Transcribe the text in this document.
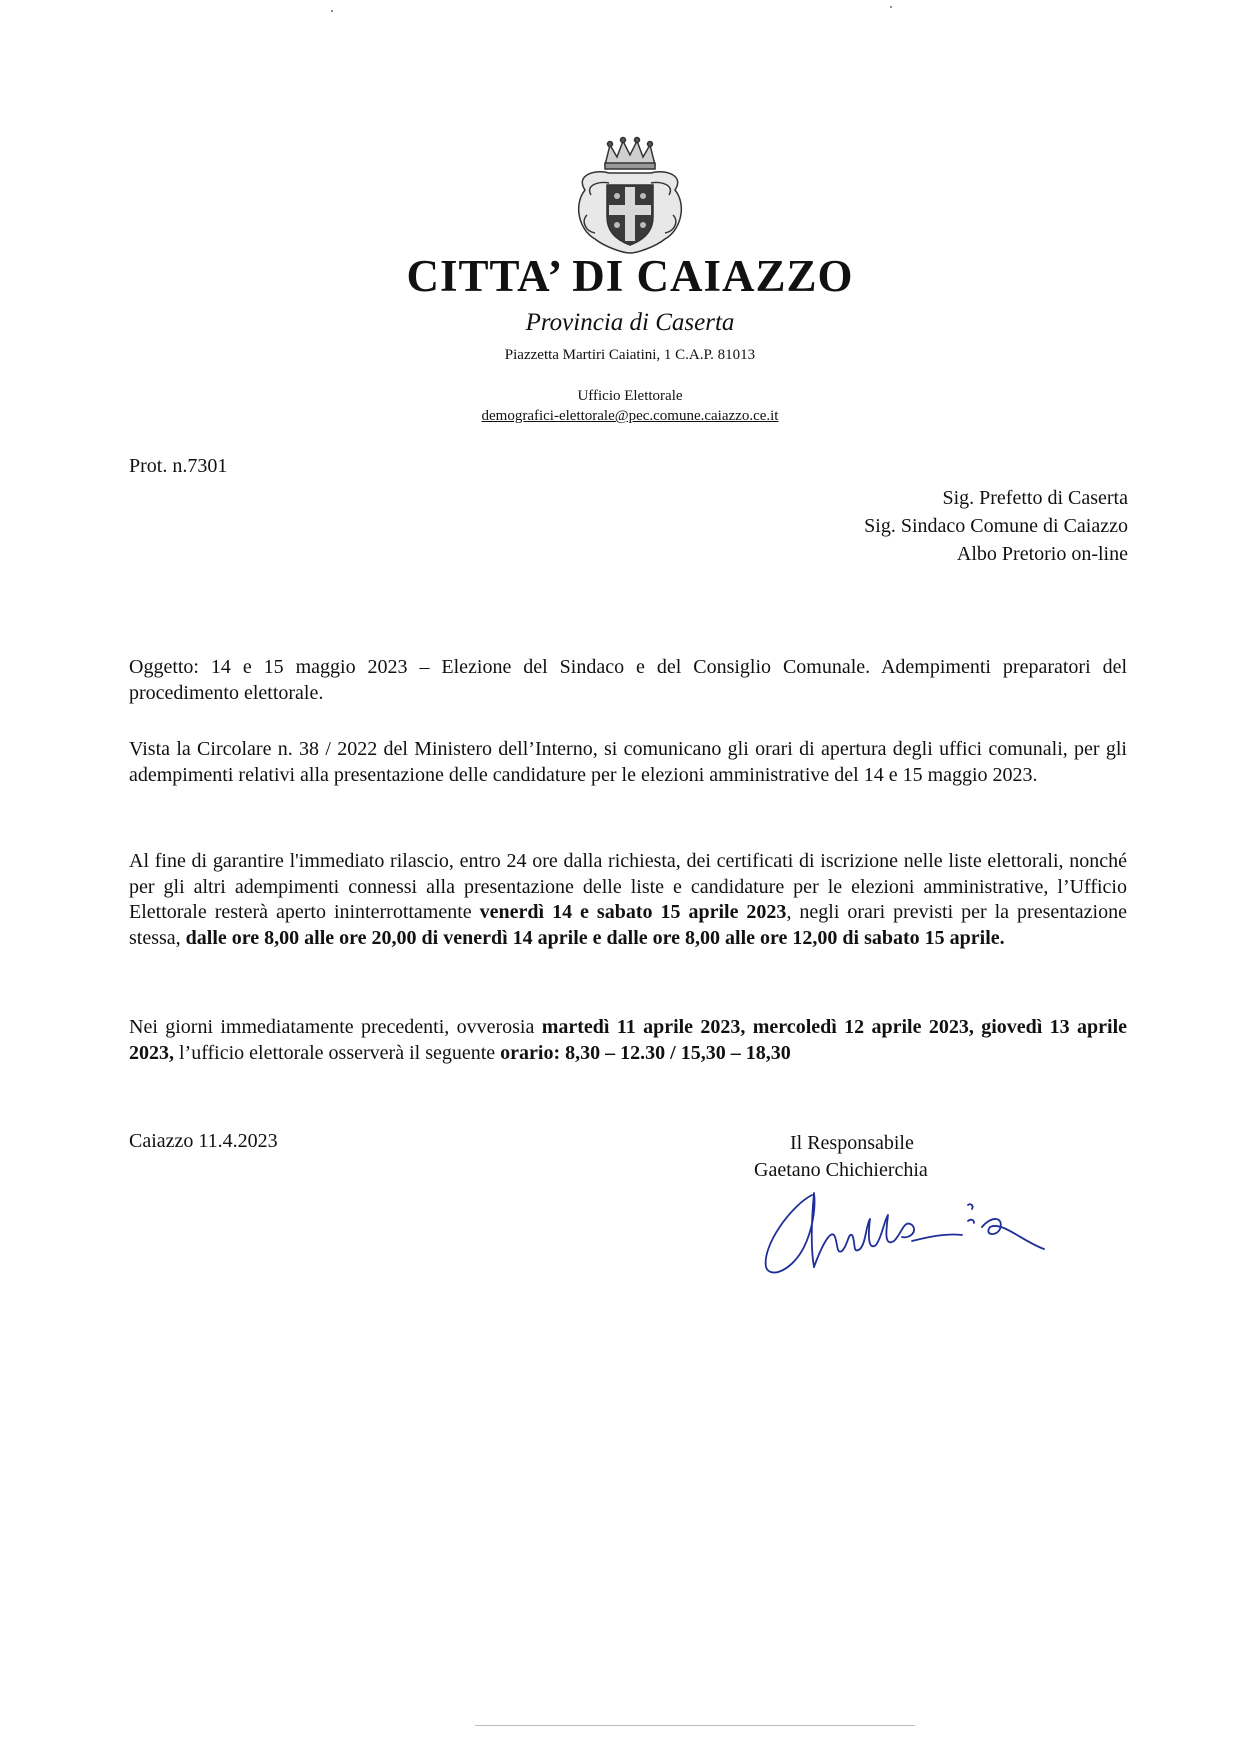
CITTA’ DI CAIAZZO
Provincia di Caserta
Piazzetta Martiri Caiatini, 1 C.A.P. 81013
Ufficio Elettorale
demografici-elettorale@pec.comune.caiazzo.ce.it
Prot. n.7301
Sig. Prefetto di Caserta
Sig. Sindaco Comune di Caiazzo
Albo Pretorio on-line
Oggetto: 14 e 15 maggio 2023 – Elezione del Sindaco e del Consiglio Comunale. Adempimenti preparatori del procedimento elettorale.
Vista la Circolare n. 38 / 2022 del Ministero dell’Interno, si comunicano gli orari di apertura degli uffici comunali, per gli adempimenti relativi alla presentazione delle candidature per le elezioni amministrative del 14 e 15 maggio 2023.
Al fine di garantire l'immediato rilascio, entro 24 ore dalla richiesta, dei certificati di iscrizione nelle liste elettorali, nonché per gli altri adempimenti connessi alla presentazione delle liste e candidature per le elezioni amministrative, l’Ufficio Elettorale resterà aperto ininterrottamente venerdì 14 e sabato 15 aprile 2023, negli orari previsti per la presentazione stessa, dalle ore 8,00 alle ore 20,00 di venerdì 14 aprile e dalle ore 8,00 alle ore 12,00 di sabato 15 aprile.
Nei giorni immediatamente precedenti, ovverosia martedì 11 aprile 2023, mercoledì 12 aprile 2023, giovedì 13 aprile 2023, l’ufficio elettorale osserverà il seguente orario: 8,30 – 12.30 / 15,30 – 18,30
Caiazzo 11.4.2023	Il Responsabile
Gaetano Chichierchia
